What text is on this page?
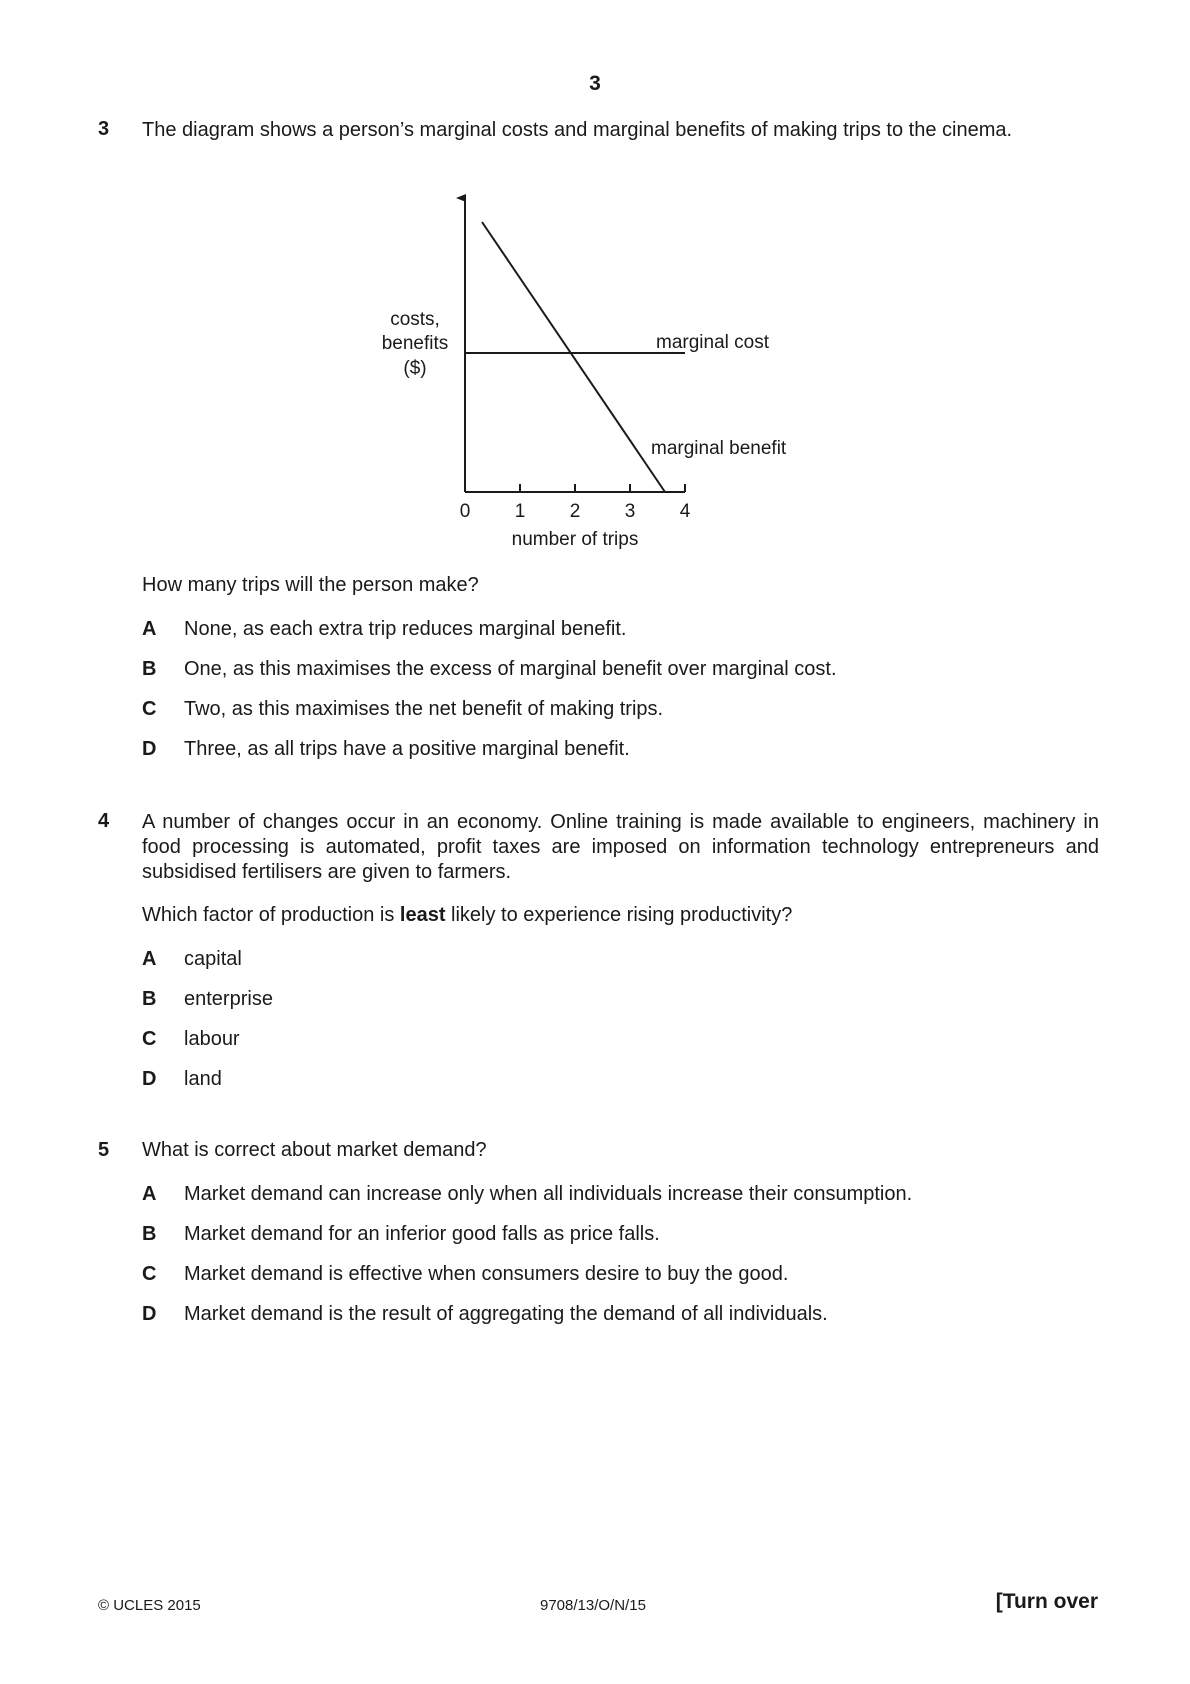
3
3 The diagram shows a person’s marginal costs and marginal benefits of making trips to the cinema.
0 1 2 3 4
number of trips
costs,
benefits
($)
marginal cost
marginal benefit
How many trips will the person make?
A None, as each extra trip reduces marginal benefit.
B One, as this maximises the excess of marginal benefit over marginal cost.
C Two, as this maximises the net benefit of making trips.
D Three, as all trips have a positive marginal benefit.
4 A number of changes occur in an economy. Online training is made available to engineers, machinery in food processing is automated, profit taxes are imposed on information technology entrepreneurs and subsidised fertilisers are given to farmers.
Which factor of production is least likely to experience rising productivity?
A capital
B enterprise
C labour
D land
5 What is correct about market demand?
A Market demand can increase only when all individuals increase their consumption.
B Market demand for an inferior good falls as price falls.
C Market demand is effective when consumers desire to buy the good.
D Market demand is the result of aggregating the demand of all individuals.
© UCLES 2015	9708/13/O/N/15	[Turn over
